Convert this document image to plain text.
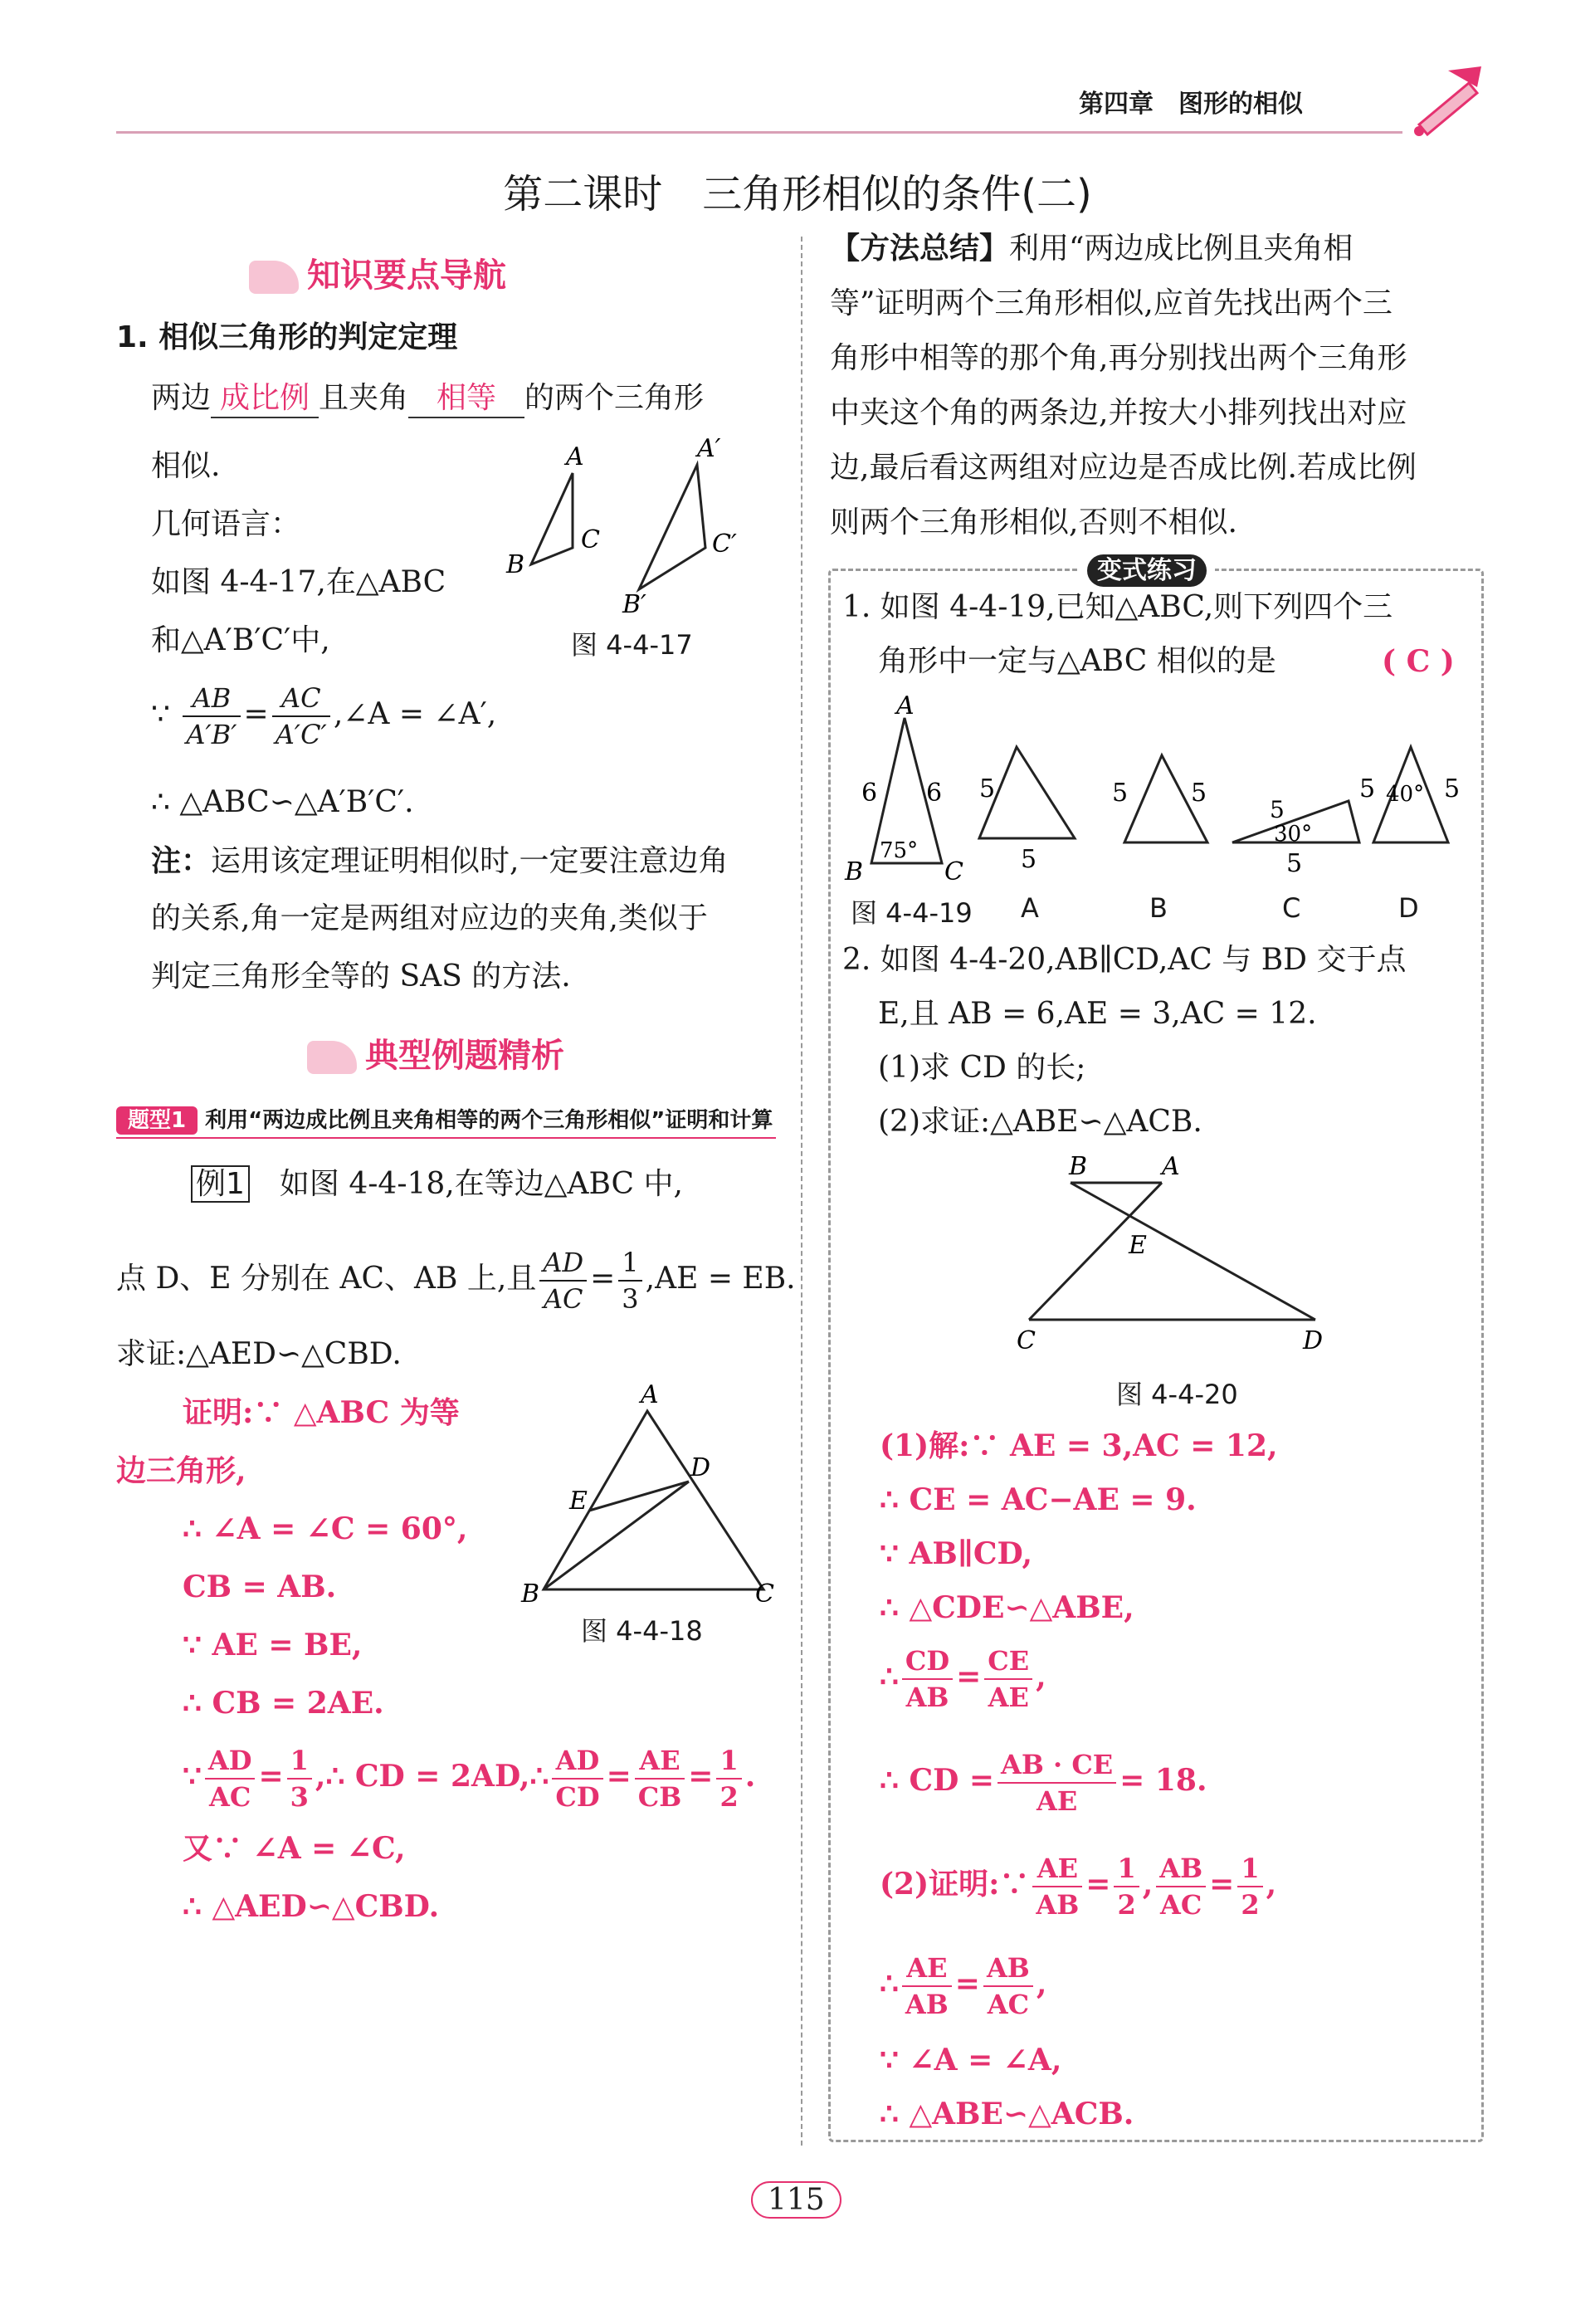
第四章　图形的相似
第二课时　三角形相似的条件(二)
知识要点导航
1. 相似三角形的判定定理
两边 成比例 且夹角 相等 的两个三角形
相似.
几何语言：
如图 4-4-17,在△ABC
和△A′B′C′中,
∵ $\frac{AB}{A'B'} = \frac{AC}{A'C'}$ ,∠A = ∠A′,
∴ △ABC∽△A′B′C′.
注：运用该定理证明相似时,一定要注意边角
的关系,角一定是两组对应边的夹角,类似于
判定三角形全等的 SAS 的方法.
A
B
C
A′
B′
C′
图 4-4-17
典型例题精析
题型1 利用“两边成比例且夹角相等的两个三角形相似”证明和计算
例1　 如图 4-4-18,在等边△ABC 中,
点 D、E 分别在 AC、AB 上,且 $\frac{AD}{AC} = \frac{1}{3} ,AE$ = EB.
求证:△AED∽△CBD.
证明:∵ △ABC 为等
边三角形,
∴ ∠A = ∠C = 60°,
CB = AB.
∵ AE = BE,
∴ CB = 2AE.
∵ $\frac{AD}{AC} = \frac{1}{3}$ ,∴ CD = 2AD,∴ $\frac{AD}{CD} = \frac{AE}{CB} = \frac{1}{2}$ .
又∵ ∠A = ∠C,
∴ △AED∽△CBD.
A
B	C
D
E
图 4-4-18
【方法总结】利用“两边成比例且夹角相
等”证明两个三角形相似,应首先找出两个三
角形中相等的那个角,再分别找出两个三角形
中夹这个角的两条边,并按大小排列找出对应
边,最后看这两组对应边是否成比例.若成比例
则两个三角形相似,否则不相似.
变式练习
1. 如图 4-4-19,已知△ABC,则下列四个三
角形中一定与△ABC 相似的是	( C )
A
B	C
6 6
75°
5
5
5	5
5
30°
5
5	5
40°
图 4-4-19 A	B	C	D
2. 如图 4-4-20,AB∥CD,AC 与 BD 交于点
E,且 AB = 6,AE = 3,AC = 12.
(1)求 CD 的长;
(2)求证:△ABE∽△ACB.
B	A
E
C	D
图 4-4-20
(1)解:∵ AE = 3,AC = 12,
∴ CE = AC−AE = 9.
∵ AB∥CD,
∴ △CDE∽△ABE,
∴ $\frac{CD}{AB} = \frac{CE}{AE}$ ,
∴ CD = $\frac{AB \cdot CE}{AE} = 18$.
(2)证明:∵ $\frac{AE}{AB} = \frac{1}{2}$ , $\frac{AB}{AC} = \frac{1}{2}$ ,
∴ $\frac{AE}{AB} = \frac{AB}{AC}$ ,
∵ ∠A = ∠A,
∴ △ABE∽△ACB.
115
